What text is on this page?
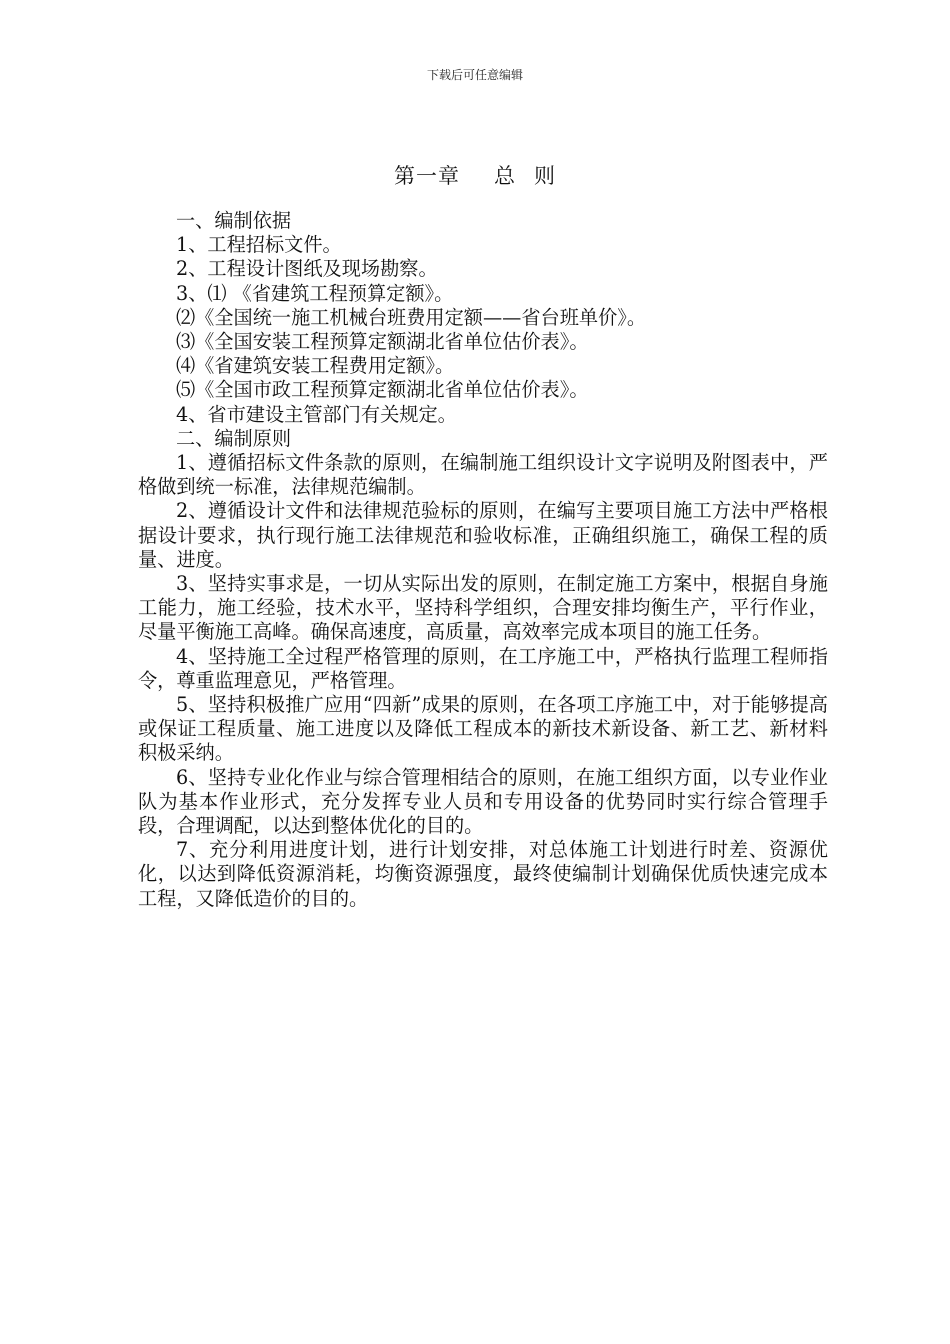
下载后可任意编辑
第一章 总 则

一、编制依据

1、工程招标文件。

2、工程设计图纸及现场勘察。

3、⑴ 《省建筑工程预算定额》。

⑵《全国统一施工机械台班费用定额——省台班单价》。

⑶《全国安装工程预算定额湖北省单位估价表》。

⑷《省建筑安装工程费用定额》。

⑸《全国市政工程预算定额湖北省单位估价表》。

4、省市建设主管部门有关规定。

二、编制原则

1、遵循招标文件条款的原则，在编制施工组织设计文字说明及附图表中，严格做到统一标准，法律规范编制。

2、遵循设计文件和法律规范验标的原则，在编写主要项目施工方法中严格根据设计要求，执行现行施工法律规范和验收标准，正确组织施工，确保工程的质量、进度。

3、坚持实事求是，一切从实际出发的原则，在制定施工方案中，根据自身施工能力，施工经验，技术水平，坚持科学组织，合理安排均衡生产，平行作业，尽量平衡施工高峰。确保高速度，高质量，高效率完成本项目的施工任务。

4、坚持施工全过程严格管理的原则，在工序施工中，严格执行监理工程师指令，尊重监理意见，严格管理。

5、坚持积极推广应用“四新”成果的原则，在各项工序施工中，对于能够提高或保证工程质量、施工进度以及降低工程成本的新技术新设备、新工艺、新材料积极采纳。

6、坚持专业化作业与综合管理相结合的原则，在施工组织方面，以专业作业队为基本作业形式，充分发挥专业人员和专用设备的优势同时实行综合管理手段，合理调配，以达到整体优化的目的。

7、充分利用进度计划，进行计划安排，对总体施工计划进行时差、资源优化，以达到降低资源消耗，均衡资源强度，最终使编制计划确保优质快速完成本工程，又降低造价的目的。
